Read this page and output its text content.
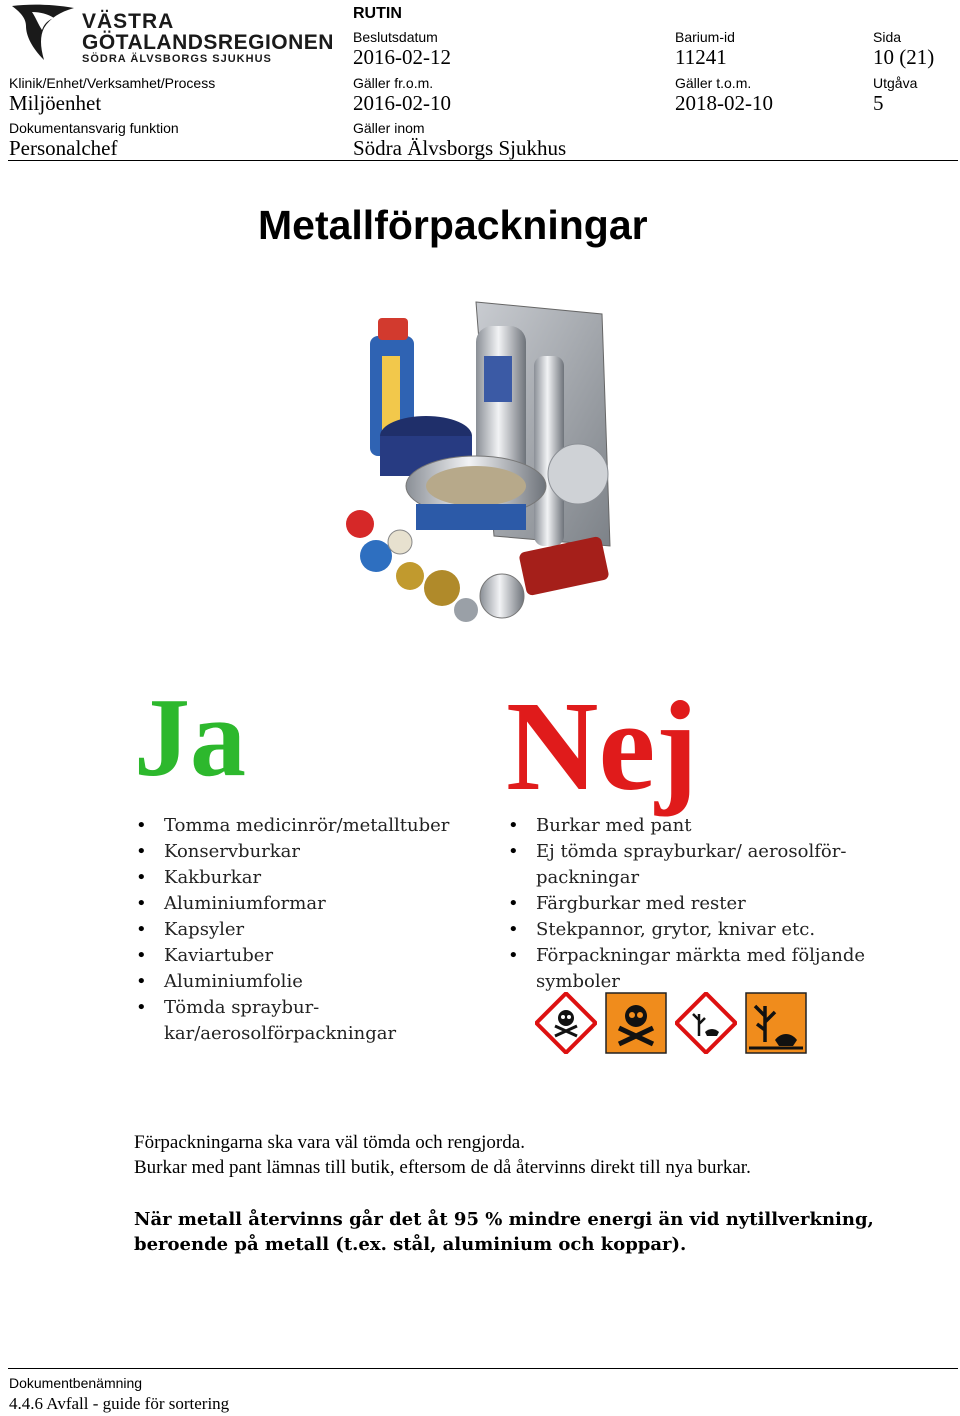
VÄSTRA
GÖTALANDSREGIONEN
SÖDRA ÄLVSBORGS SJUKHUS
Klinik/Enhet/Verksamhet/Process
Miljöenhet
Dokumentansvarig funktion
Personalchef
RUTIN
Beslutsdatum
2016-02-12
Gäller fr.o.m.
2016-02-10
Gäller inom
Södra Älvsborgs Sjukhus
Barium-id
11241
Gäller t.o.m.
2018-02-10
Sida
10 (21)
Utgåva
5
Metallförpackningar
Ja
• Tomma medicinrör/metalltuber
• Konservburkar
• Kakburkar
• Aluminiumformar
• Kapsyler
• Kaviartuber
• Aluminiumfolie
• Tömda spraybur-kar/aerosolförpackningar
Nej
• Burkar med pant
• Ej tömda sprayburkar/ aerosolför-packningar
• Färgburkar med rester
• Stekpannor, grytor, knivar etc.
• Förpackningar märkta med följande symboler
Förpackningarna ska vara väl tömda och rengjorda.
Burkar med pant lämnas till butik, eftersom de då återvinns direkt till nya burkar.
När metall återvinns går det åt 95 % mindre energi än vid nytillverkning, beroende på metall (t.ex. stål, aluminium och koppar).
Dokumentbenämning
4.4.6 Avfall - guide för sortering
